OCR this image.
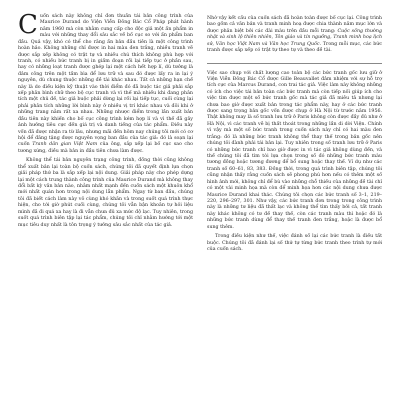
Cuốn sách này không chỉ đơn thuần tái bản công trình của Maurice Durand do Viện Viễn Đông Bác Cổ Pháp phát hành năm 1960 mà còn nhằm cung cấp cho độc giả một ấn phẩm in màu với những thay đổi sâu sắc về bố cục so với ấn phẩm ban đầu. Quả vậy, khó có thể cho răng ấn bản đầu tiên là một công trình hoàn hảo. Không những chỉ được in hai màu đen trắng, nhiều tranh vẽ được sắp xếp không có trật tự và nhiều chú thích không phù hợp với tranh, có nhiều bức tranh bị in giấm đoạn rồi lại tiếp tục ở phần sau, hay có những loạt tranh được ghép lại một cách hết hợp lí, dù tưởng là đảm công trên một tầm bìa để lưu trữ và sau đó được lấy ra in lại ý nguyên, dù chung thuộc những đề tài khác nhau. Tất cả những hạn chế này là do điều kiện kỹ thuật vào thời điểm đó đã buộc tác giả phải sắp xếp phân bình chữ theo bộ cục tranh và vì thế mà nhiều khi đang phân tích một chủ đề, tác giả buộc phải dừng lại rồi lại tiếp tục, cuối cùng lại phải phân tích những lời bình này ở nhiều vị trí khác nhau và đôi khi ở những trang nằm rất xa nhau. Những nhược điểm trong lần xuất bản đầu tiên này khiến cho bố cục công trình kém hợp lí và vì thế đã gây ảnh hưởng tiêu cực đến giá trị và danh tiếng của tác phẩm. Điều này vốn đã được nhận ra từ lâu, nhưng mãi đến hôm nay chúng tôi mới có cơ hội để đăng tặng được nguyên vọng ban đầu của tác giả: đó là soạn lại cuốn Tranh dân gian Việt Nam của ông, sắp xếp lại bố cục sao cho tương xứng, điều mà bản in đầu tiên chưa làm được.

Không thể tái bản nguyên trạng công trình, đồng thời cũng không thể xuất bản lại toàn bộ cuốn sách, chúng tôi đã quyết định lựa chọn giải pháp thứ ba là sắp xếp lại nội dung. Giải pháp này cho phép dựng lại một cách trung thành công trình của Maurice Durand mà không thay đổi bất kỳ văn bản nào, nhằm nhất mạnh đến cuốn sách một khuôn khổ mới nhất quán hơn trong nội dung lẫn phẩm. Ngay từ ban đầu, chúng tôi đã biết cách làm này vô cùng khó khăn và trong suốt quá trình thực hiện, cho tới giờ phút cuối cùng, chúng tôi vẫn bận khoăn tự hỏi liệu mình đã đi quá xa hay là đi vẫn chưa đủ xa mức độ lạc. Tuy nhiên, trong suốt quá trình biên tập lại tác phẩm, chúng tôi chỉ nhằm hướng tới một mục tiêu duy nhất là tôn trọng ý tưởng sâu sắc nhất của tác giả.

Nhờ vậy kết cấu của cuốn sách đã hoàn toàn được bố cục lại. Công trình bao gồm cả văn bản và tranh minh hoạ được chia thành năm mục lớn và được phân biệt bởi các đài màu trên đầu mỗi trang: Cuộc sống thường nhật và sinh lộ thiên nhiên, Tôn giáo và tín ngưỡng, Tranh minh hoạ lịch sử, Văn học Việt Nam và Văn học Trung Quốc. Trong mỗi mục, các bức tranh được sắp xếp có trật tự theo tự và theo đề tài.

Việc sao chụp với chất lượng cao toàn bộ các bức tranh gốc lưu giữ ở Viện Viễn Đông Bác Cổ được Gille Beauvallet đảm nhiệm với sự hỗ trợ tích cực của Marcus Durand, con trai tác giả. Việc làm này không những có ích cho việc tái bản toàn các bức tranh mà còn tiếp nối giúp ích cho việc tìm được một số bức tranh gốc mà tác giả đã miêu tả nhưng lại chưa bao giờ được xuất bản trong tác phẩm này, hay ở các bức tranh được sang trọng bản gốc vốn được chụp ở Hà Nội từ trước năm 1956. Thật không may là số tranh lưu trữ ở Paris không còn được đầy đủ như ở Hà Nội, vì các tranh vẽ bị thất thoát trong những lần di dời Viện. Chính vì vậy mà một số bức tranh trong cuốn sách này chỉ có hai màu đen trắng: đó là những bức tranh không thể thay thế trong bản gốc nên chúng tôi đành phải tái bản lại. Tuy nhiên trong số tranh lưu trữ ở Paris có những bức tranh chỉ bao giờ được in vì tác giả không dùng đến, và thế chúng tôi đã tìm tòi lựa chọn trong số đó những bức tranh màu tương đồng hoặc tương đương để bổ sung hoặc thay thế. Ví dụ như các tranh số 60–61, 83, 383. Đồng thời, trong quá trình biên tập, chúng tôi cũng nhận thấy rằng cuốn sách sẽ phong phú hơn nếu có thêm một số hình ảnh mới, không chỉ để bù vào những chỗ thiếu của những đề tài chỉ có một vài minh họa mà còn để minh họa hơn các nội dung chưa được Maurice Durand khai thác. Chúng tôi chọn các bức tranh số 3–1, 219–220, 296–297, 301. Như vậy, các bức tranh đơn trong trong công trình này là những tư liệu đã thất lạc và không thể tìm thấy bởi cả, tất tranh này khác không có tư đề thay thế, còn các tranh màu thì hoặc đó là những bức tranh dùng để thay thế tranh đen trắng, hoặc là được bổ sung thêm.

Trong điều kiện như thế, việc đánh số lại các bức tranh là điều tất buộc. Chúng tôi đã đánh lại số thứ tự từng bức tranh theo trình tự mới của cuốn sách.
